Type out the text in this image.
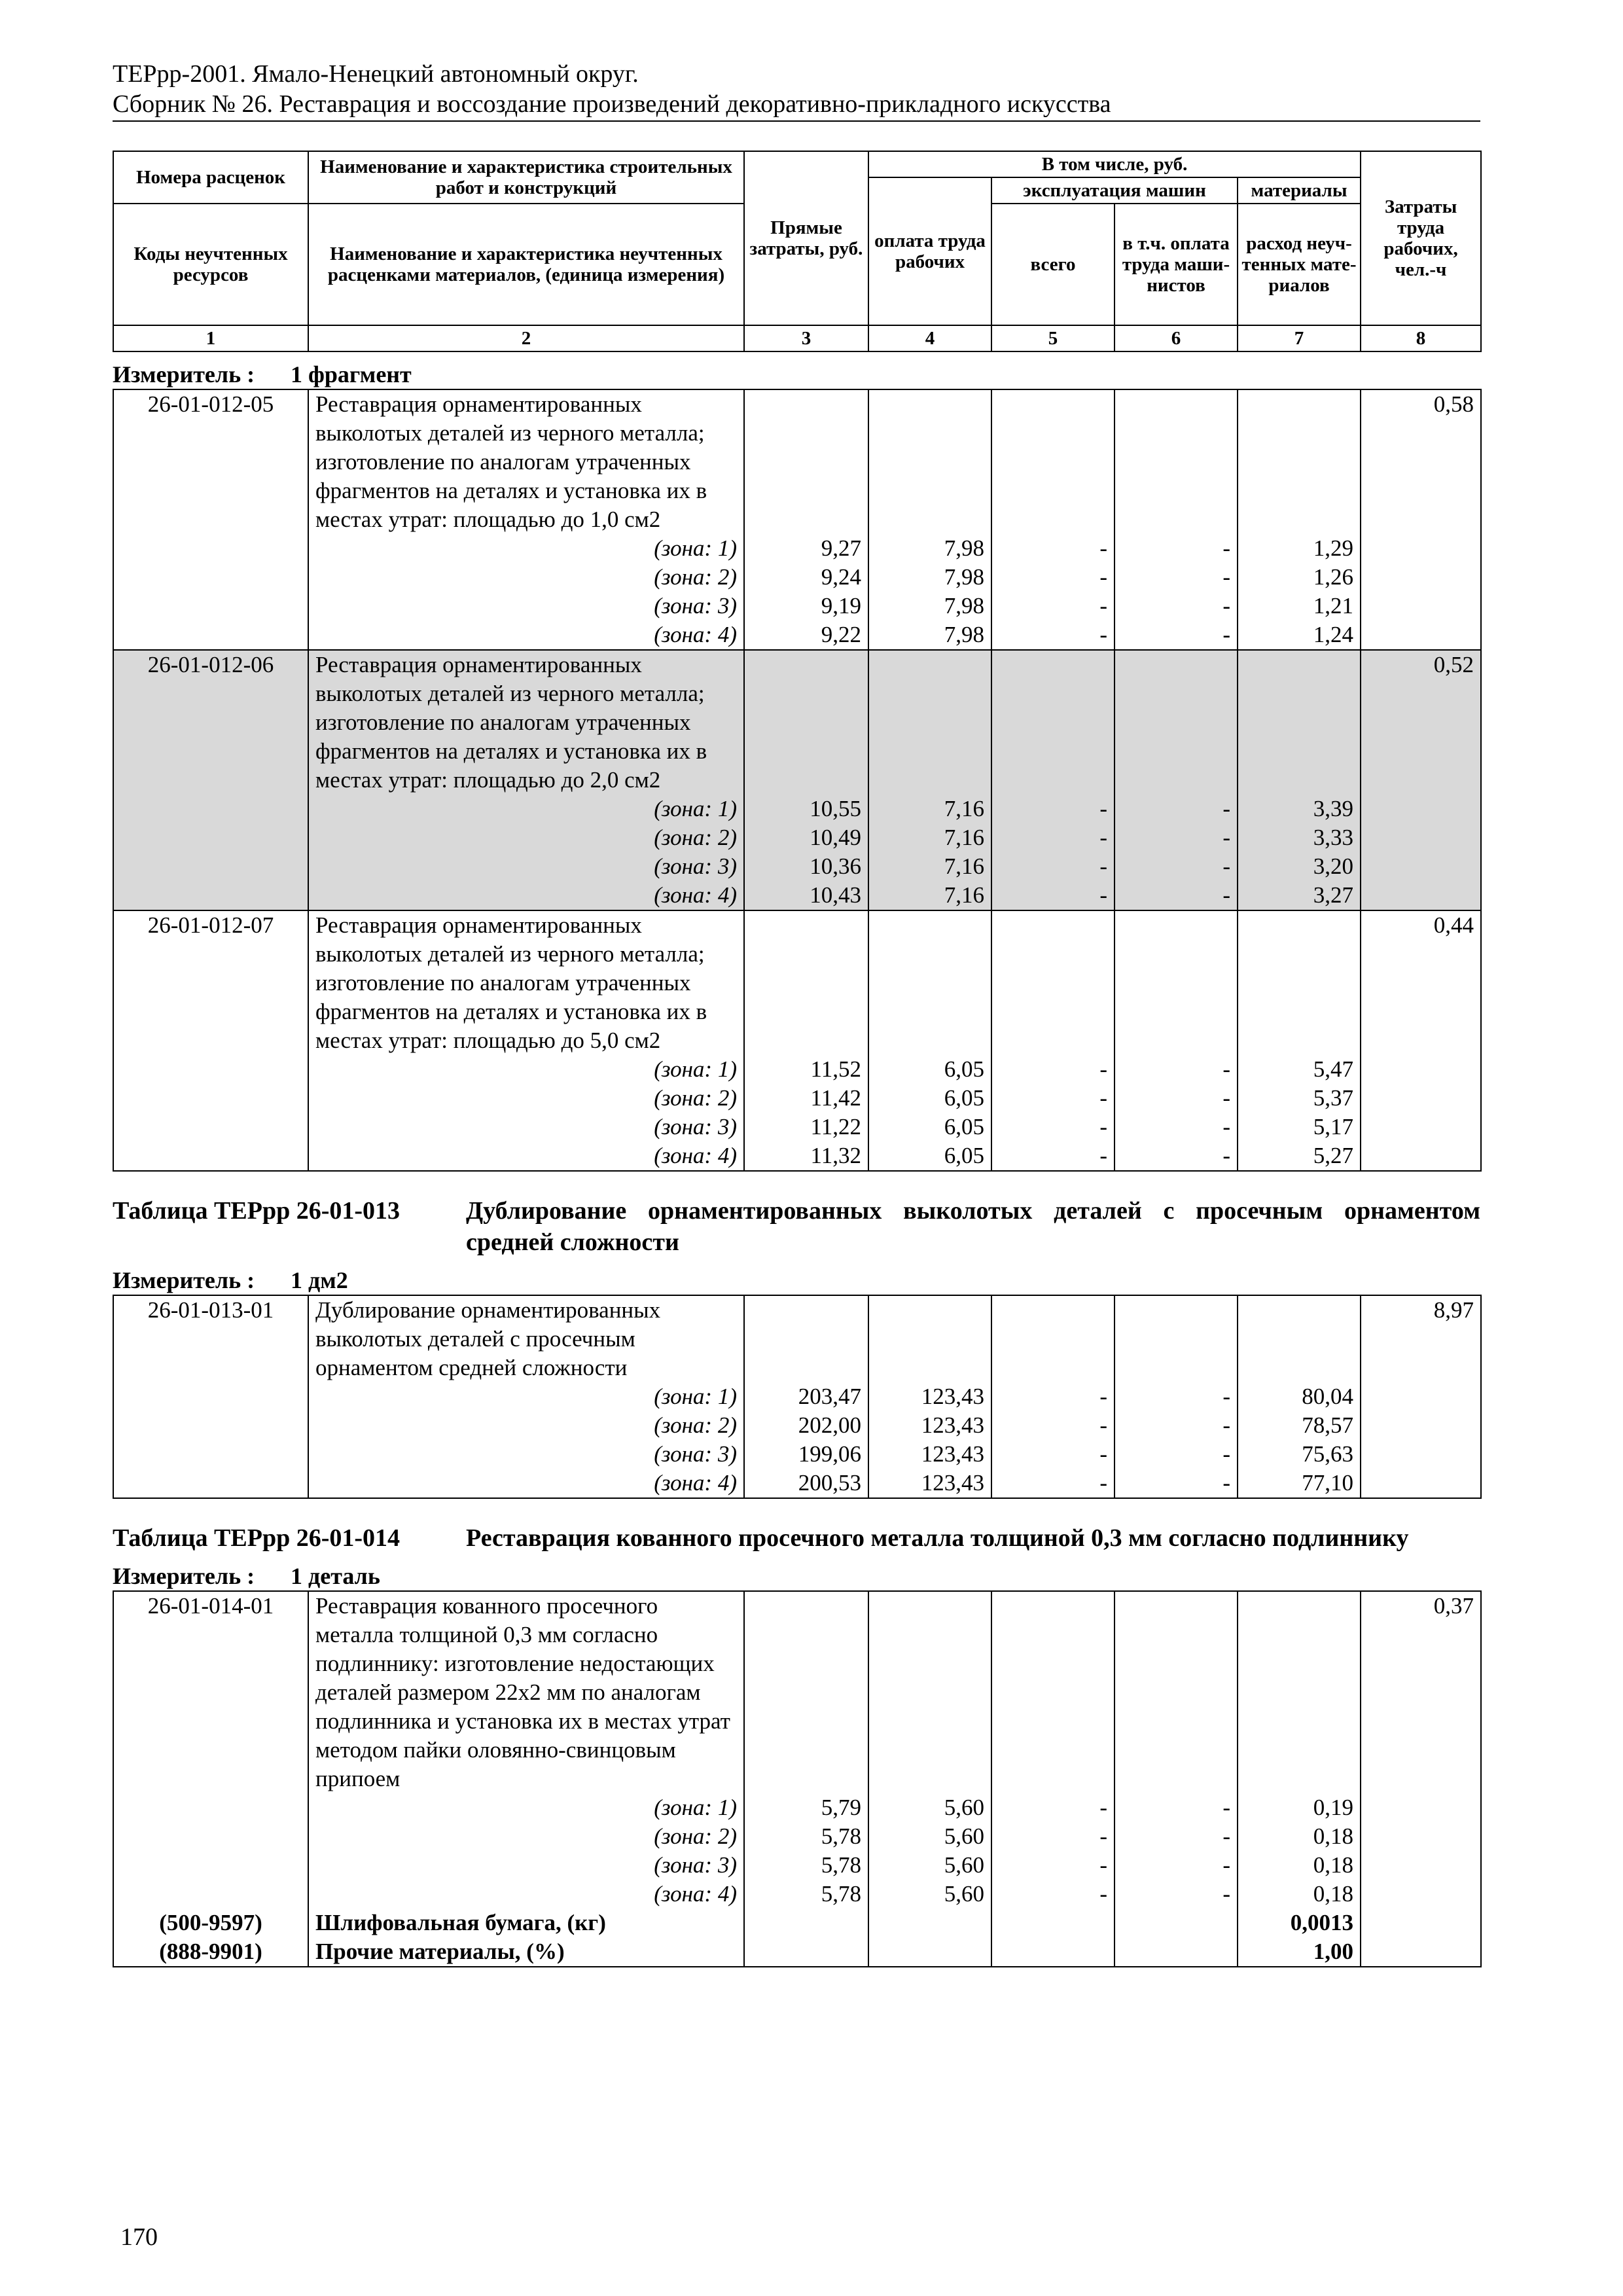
ТЕРрр-2001. Ямало-Ненецкий автономный округ.
Сборник № 26. Реставрация и воссоздание произведений декоративно-прикладного искусства
Номера расценок	Наименование и характеристика строительных работ и конструкций	Прямые затраты, руб.	В том числе, руб.				Затраты труда рабочих, чел.-ч
			оплата труда рабочих	эксплуатация машин		материалы	
Коды неучтенных ресурсов	Наименование и характеристика неучтенных расценками материалов, (единица измерения)			всего	в т.ч. оплата труда маши- нистов	расход неуч- тенных мате- риалов	

1	2	3	4	5	6	7	8
Измеритель : 1 фрагмент
26-01-012-05	Реставрация орнаментированных выколотых деталей из черного металла; изготовление по аналогам утраченных фрагментов на деталях и установка их в местах утрат: площадью до 1,0 см2						0,58
	(зона: 1)	9,27	7,98	-	-	1,29	
	(зона: 2)	9,24	7,98	-	-	1,26	
	(зона: 3)	9,19	7,98	-	-	1,21	
	(зона: 4)	9,22	7,98	-	-	1,24	
26-01-012-06	Реставрация орнаментированных выколотых деталей из черного металла; изготовление по аналогам утраченных фрагментов на деталях и установка их в местах утрат: площадью до 2,0 см2						0,52
	(зона: 1)	10,55	7,16	-	-	3,39	
	(зона: 2)	10,49	7,16	-	-	3,33	
	(зона: 3)	10,36	7,16	-	-	3,20	
	(зона: 4)	10,43	7,16	-	-	3,27	
26-01-012-07	Реставрация орнаментированных выколотых деталей из черного металла; изготовление по аналогам утраченных фрагментов на деталях и установка их в местах утрат: площадью до 5,0 см2						0,44
	(зона: 1)	11,52	6,05	-	-	5,47	
	(зона: 2)	11,42	6,05	-	-	5,37	
	(зона: 3)	11,22	6,05	-	-	5,17	
	(зона: 4)	11,32	6,05	-	-	5,27	
Таблица ТЕРрр 26-01-013	Дублирование орнаментированных выколотых деталей с просечным орнаментом средней сложности
Измеритель : 1 дм2
26-01-013-01	Дублирование орнаментированных выколотых деталей с просечным орнаментом средней сложности						8,97
	(зона: 1)	203,47	123,43	-	-	80,04	
	(зона: 2)	202,00	123,43	-	-	78,57	
	(зона: 3)	199,06	123,43	-	-	75,63	
	(зона: 4)	200,53	123,43	-	-	77,10	
Таблица ТЕРрр 26-01-014	Реставрация кованного просечного металла толщиной 0,3 мм согласно подлиннику
Измеритель : 1 деталь
26-01-014-01	Реставрация кованного просечного металла толщиной 0,3 мм согласно подлиннику: изготовление недостающих деталей размером 22х2 мм по аналогам подлинника и установка их в местах утрат методом пайки оловянно-свинцовым припоем						0,37
	(зона: 1)	5,79	5,60	-	-	0,19	
	(зона: 2)	5,78	5,60	-	-	0,18	
	(зона: 3)	5,78	5,60	-	-	0,18	
	(зона: 4)	5,78	5,60	-	-	0,18	
(500-9597)	Шлифовальная бумага, (кг)					0,0013	
(888-9901)	Прочие материалы, (%)					1,00	
170
